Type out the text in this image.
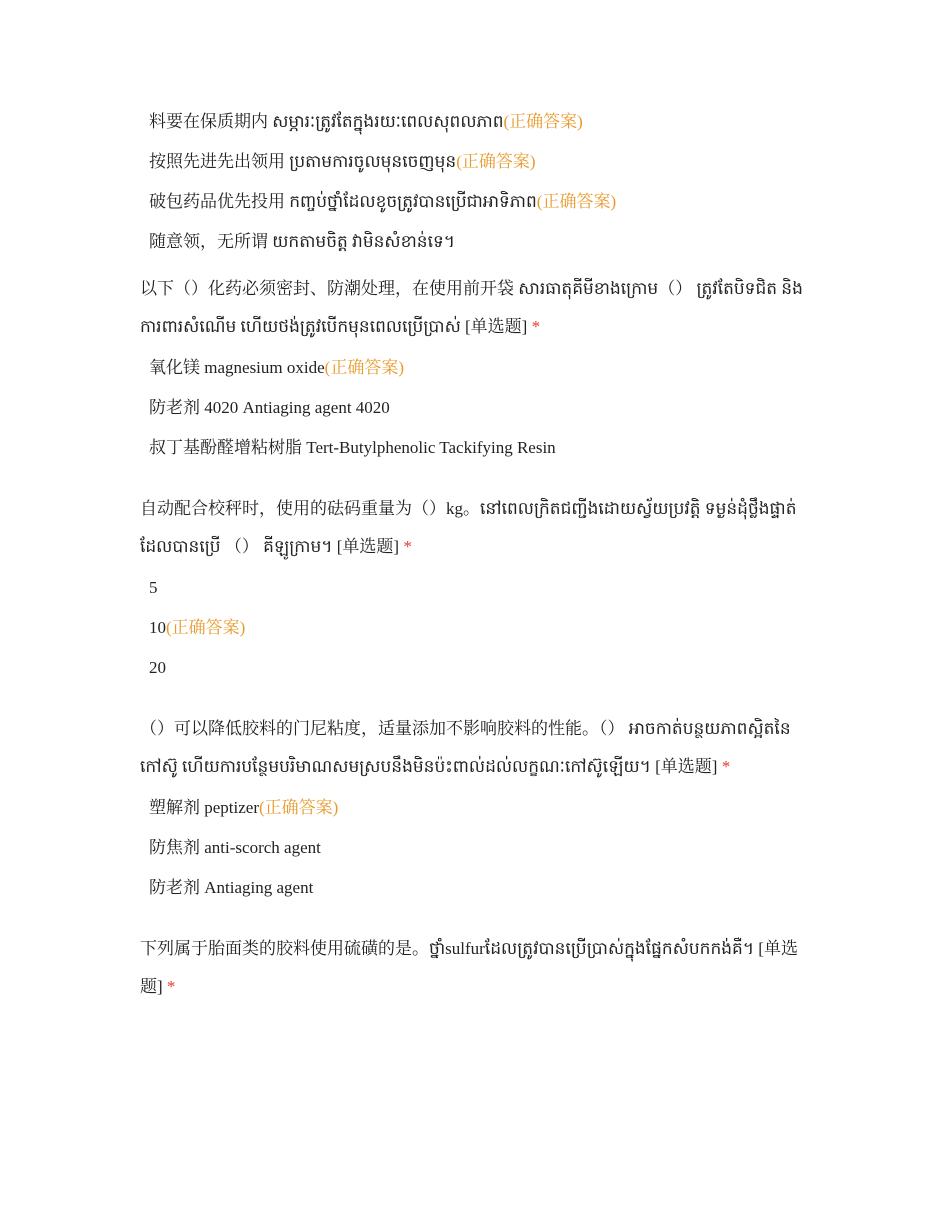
料要在保质期内 សម្ភារៈត្រូវតែក្នុងរយៈពេលសុពលភាព(正确答案)
按照先进先出领用 ប្រតាមការចូលមុនចេញមុន(正确答案)
破包药品优先投用 កញ្ចប់ថ្នាំដែលខូចត្រូវបានប្រើជាអាទិភាព(正确答案)
随意领，无所谓 យកតាមចិត្ត វាមិនសំខាន់ទេ។
以下（）化药必须密封、防潮处理，在使用前开袋 សារធាតុគីមីខាងក្រោម（） ត្រូវតែបិទជិត និងការពារសំណើម ហើយថង់ត្រូវបើកមុនពេលប្រើប្រាស់ [单选题] *
氧化镁 magnesium oxide(正确答案)
防老剂 4020 Antiaging agent 4020
叔丁基酚醛增粘树脂 Tert-Butylphenolic Tackifying Resin
自动配合校秤时，使用的砝码重量为（）kg。នៅពេលក្រិតជញ្ជីងដោយស្វ័យប្រវត្តិ ទម្ងន់ដុំថ្លឹងផ្ទាត់ដែលបានប្រើ （） គីឡូក្រាម។ [单选题] *
5
10(正确答案)
20
（）可以降低胶料的门尼粘度，适量添加不影响胶料的性能。（） អាចកាត់បន្ថយភាពស្អិតនៃកៅស៊ូ ហើយការបន្ថែមបរិមាណសមស្របនឹងមិនប៉ះពាល់ដល់លក្ខណៈកៅស៊ូឡើយ។ [单选题] *
塑解剂 peptizer(正确答案)
防焦剂 anti-scorch agent
防老剂 Antiaging agent
下列属于胎面类的胶料使用硫磺的是。ថ្នាំsulfurដែលត្រូវបានប្រើប្រាស់ក្នុងផ្នែកសំបកកង់គឺ។ [单选题] *
